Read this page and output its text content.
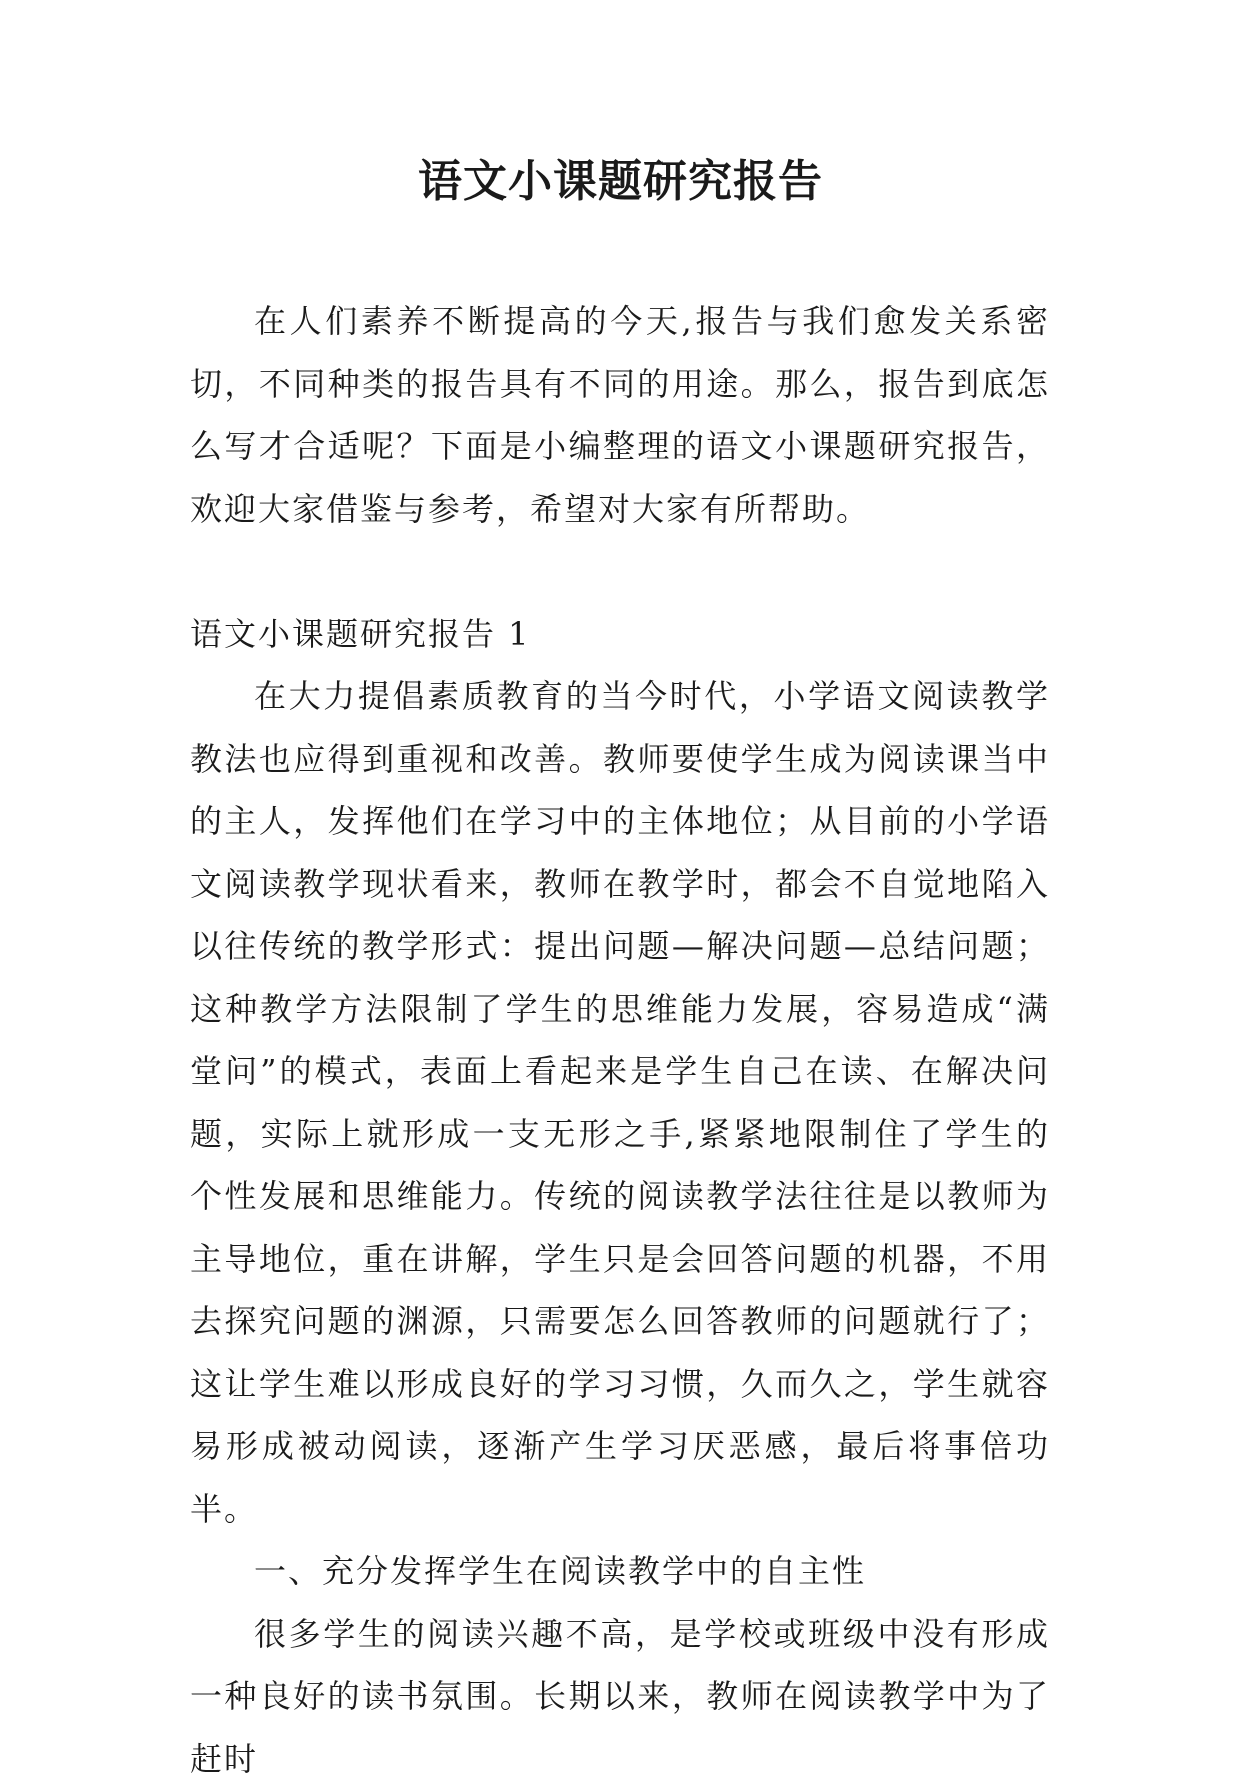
语文小课题研究报告

在人们素养不断提高的今天,报告与我们愈发关系密切，不同种类的报告具有不同的用途。那么，报告到底怎么写才合适呢？下面是小编整理的语文小课题研究报告，欢迎大家借鉴与参考，希望对大家有所帮助。

语文小课题研究报告 1

在大力提倡素质教育的当今时代，小学语文阅读教学教法也应得到重视和改善。教师要使学生成为阅读课当中的主人，发挥他们在学习中的主体地位；从目前的小学语文阅读教学现状看来，教师在教学时，都会不自觉地陷入以往传统的教学形式：提出问题—解决问题—总结问题；这种教学方法限制了学生的思维能力发展，容易造成“满堂问”的模式，表面上看起来是学生自己在读、在解决问题，实际上就形成一支无形之手,紧紧地限制住了学生的个性发展和思维能力。传统的阅读教学法往往是以教师为主导地位，重在讲解，学生只是会回答问题的机器，不用去探究问题的渊源，只需要怎么回答教师的问题就行了；这让学生难以形成良好的学习习惯，久而久之，学生就容易形成被动阅读，逐渐产生学习厌恶感，最后将事倍功半。

一、充分发挥学生在阅读教学中的自主性

很多学生的阅读兴趣不高，是学校或班级中没有形成一种良好的读书氛围。长期以来，教师在阅读教学中为了赶时
